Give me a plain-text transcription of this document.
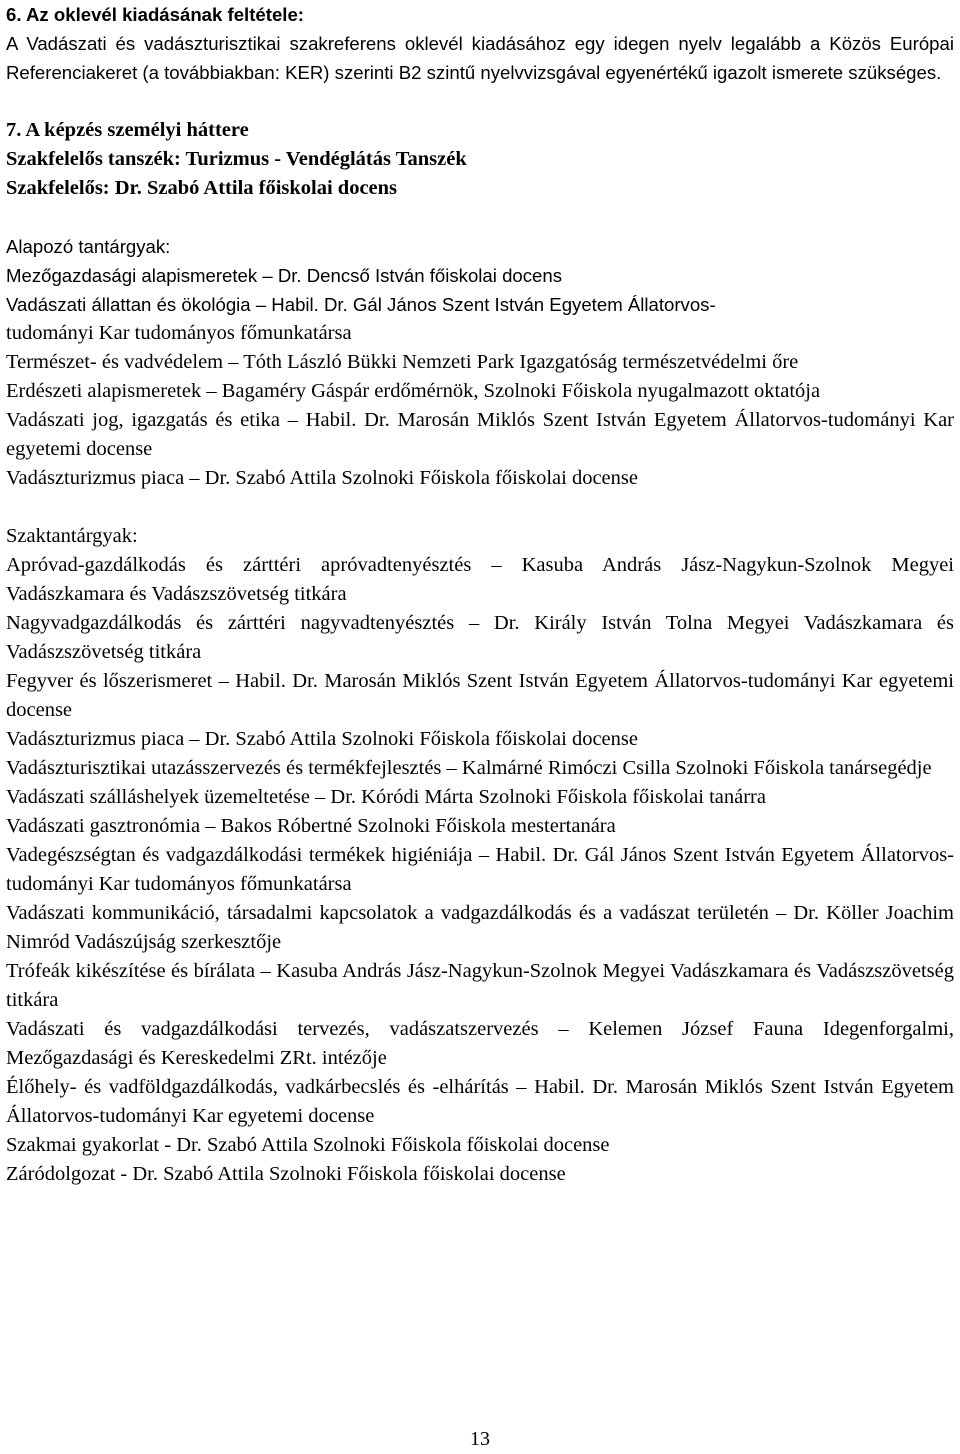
6. Az oklevél kiadásának feltétele:

A Vadászati és vadászturisztikai szakreferens oklevél kiadásához egy idegen nyelv legalább a Közös Európai Referenciakeret (a továbbiakban: KER) szerinti B2 szintű nyelvvizsgával egyenértékű igazolt ismerete szükséges.

7. A képzés személyi háttere

Szakfelelős tanszék: Turizmus - Vendéglátás Tanszék

Szakfelelős: Dr. Szabó Attila főiskolai docens

Alapozó tantárgyak:

Mezőgazdasági alapismeretek – Dr. Dencső István főiskolai docens

Vadászati állattan és ökológia – Habil. Dr. Gál János Szent István Egyetem Állatorvos-

tudományi Kar tudományos főmunkatársa

Természet- és vadvédelem – Tóth László Bükki Nemzeti Park Igazgatóság természetvédelmi őre

Erdészeti alapismeretek – Bagaméry Gáspár erdőmérnök, Szolnoki Főiskola nyugalmazott oktatója

Vadászati jog, igazgatás és etika – Habil. Dr. Marosán Miklós Szent István Egyetem Állatorvos-tudományi Kar egyetemi docense

Vadászturizmus piaca – Dr. Szabó Attila Szolnoki Főiskola főiskolai docense

Szaktantárgyak:

Apróvad-gazdálkodás és zárttéri apróvadtenyésztés – Kasuba András Jász-Nagykun-Szolnok Megyei Vadászkamara és Vadászszövetség titkára

Nagyvadgazdálkodás és zárttéri nagyvadtenyésztés – Dr. Király István Tolna Megyei Vadászkamara és Vadászszövetség titkára

Fegyver és lőszerismeret – Habil. Dr. Marosán Miklós Szent István Egyetem Állatorvos-tudományi Kar egyetemi docense

Vadászturizmus piaca – Dr. Szabó Attila Szolnoki Főiskola főiskolai docense

Vadászturisztikai utazásszervezés és termékfejlesztés – Kalmárné Rimóczi Csilla Szolnoki Főiskola tanársegédje

Vadászati szálláshelyek üzemeltetése – Dr. Kóródi Márta Szolnoki Főiskola főiskolai tanárra

Vadászati gasztronómia – Bakos Róbertné Szolnoki Főiskola mestertanára

Vadegészségtan és vadgazdálkodási termékek higiéniája – Habil. Dr. Gál János Szent István Egyetem Állatorvos-tudományi Kar tudományos főmunkatársa

Vadászati kommunikáció, társadalmi kapcsolatok a vadgazdálkodás és a vadászat területén – Dr. Köller Joachim Nimród Vadászújság szerkesztője

Trófeák kikészítése és bírálata – Kasuba András Jász-Nagykun-Szolnok Megyei Vadászkamara és Vadászszövetség titkára

Vadászati és vadgazdálkodási tervezés, vadászatszervezés – Kelemen József Fauna Idegenforgalmi, Mezőgazdasági és Kereskedelmi ZRt. intézője

Élőhely- és vadföldgazdálkodás, vadkárbecslés és -elhárítás – Habil. Dr. Marosán Miklós Szent István Egyetem Állatorvos-tudományi Kar egyetemi docense

Szakmai gyakorlat - Dr. Szabó Attila Szolnoki Főiskola főiskolai docense

Záródolgozat - Dr. Szabó Attila Szolnoki Főiskola főiskolai docense

13
